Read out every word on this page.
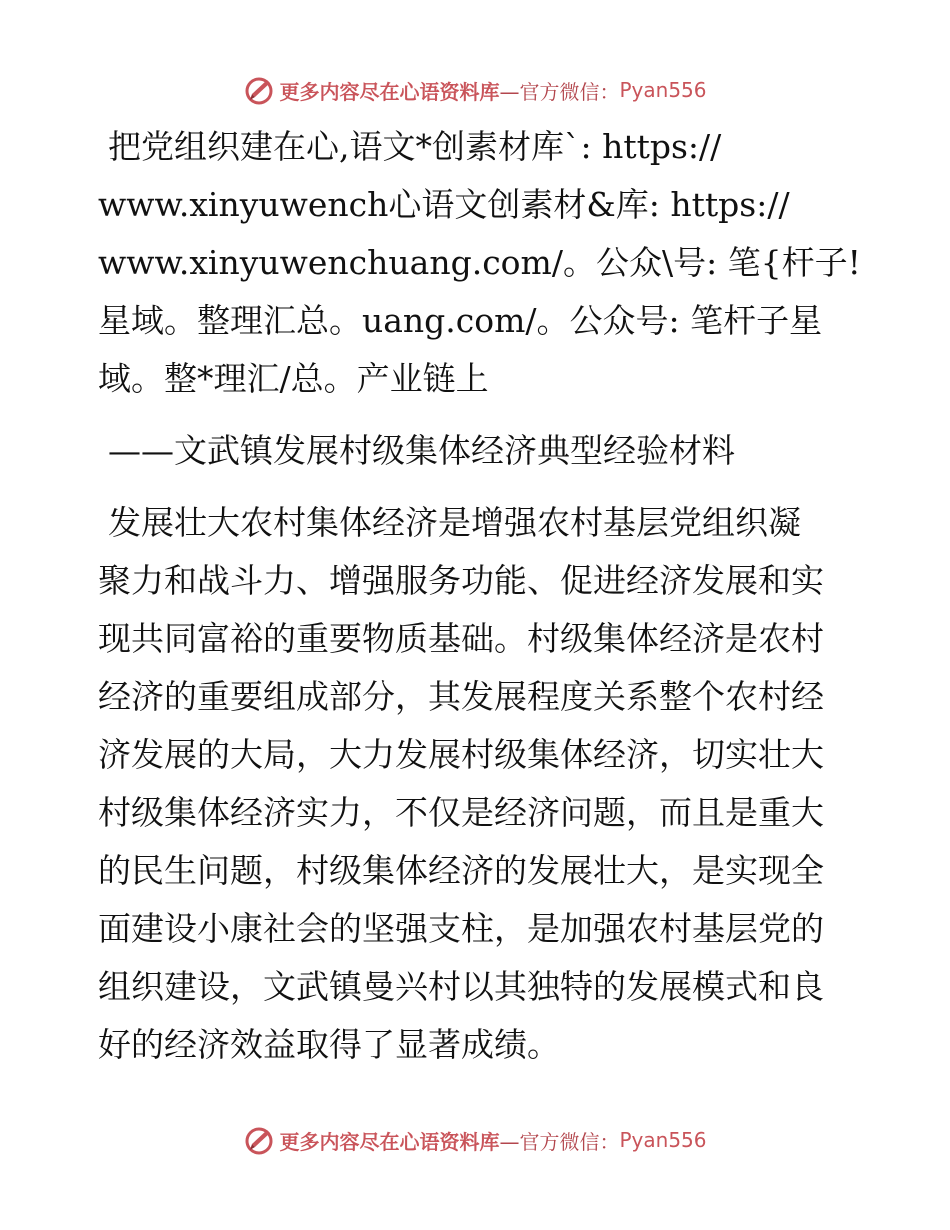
更多内容尽在心语资料库 —官方微信： Pyan556
把党组织建在心,语文*创素材库`: https://
www.xinyuwench心语文创素材&库: https://
www.xinyuwenchuang.com/。公众\号: 笔{杆子!
星域。整理汇总。uang.com/。公众号: 笔杆子星
域。整*理汇/总。产业链上
——文武镇发展村级集体经济典型经验材料
发展壮大农村集体经济是增强农村基层党组织凝
聚力和战斗力、增强服务功能、促进经济发展和实
现共同富裕的重要物质基础。村级集体经济是农村
经济的重要组成部分，其发展程度关系整个农村经
济发展的大局，大力发展村级集体经济，切实壮大
村级集体经济实力，不仅是经济问题，而且是重大
的民生问题，村级集体经济的发展壮大，是实现全
面建设小康社会的坚强支柱，是加强农村基层党的
组织建设，文武镇曼兴村以其独特的发展模式和良
好的经济效益取得了显著成绩。
更多内容尽在心语资料库 —官方微信： Pyan556
